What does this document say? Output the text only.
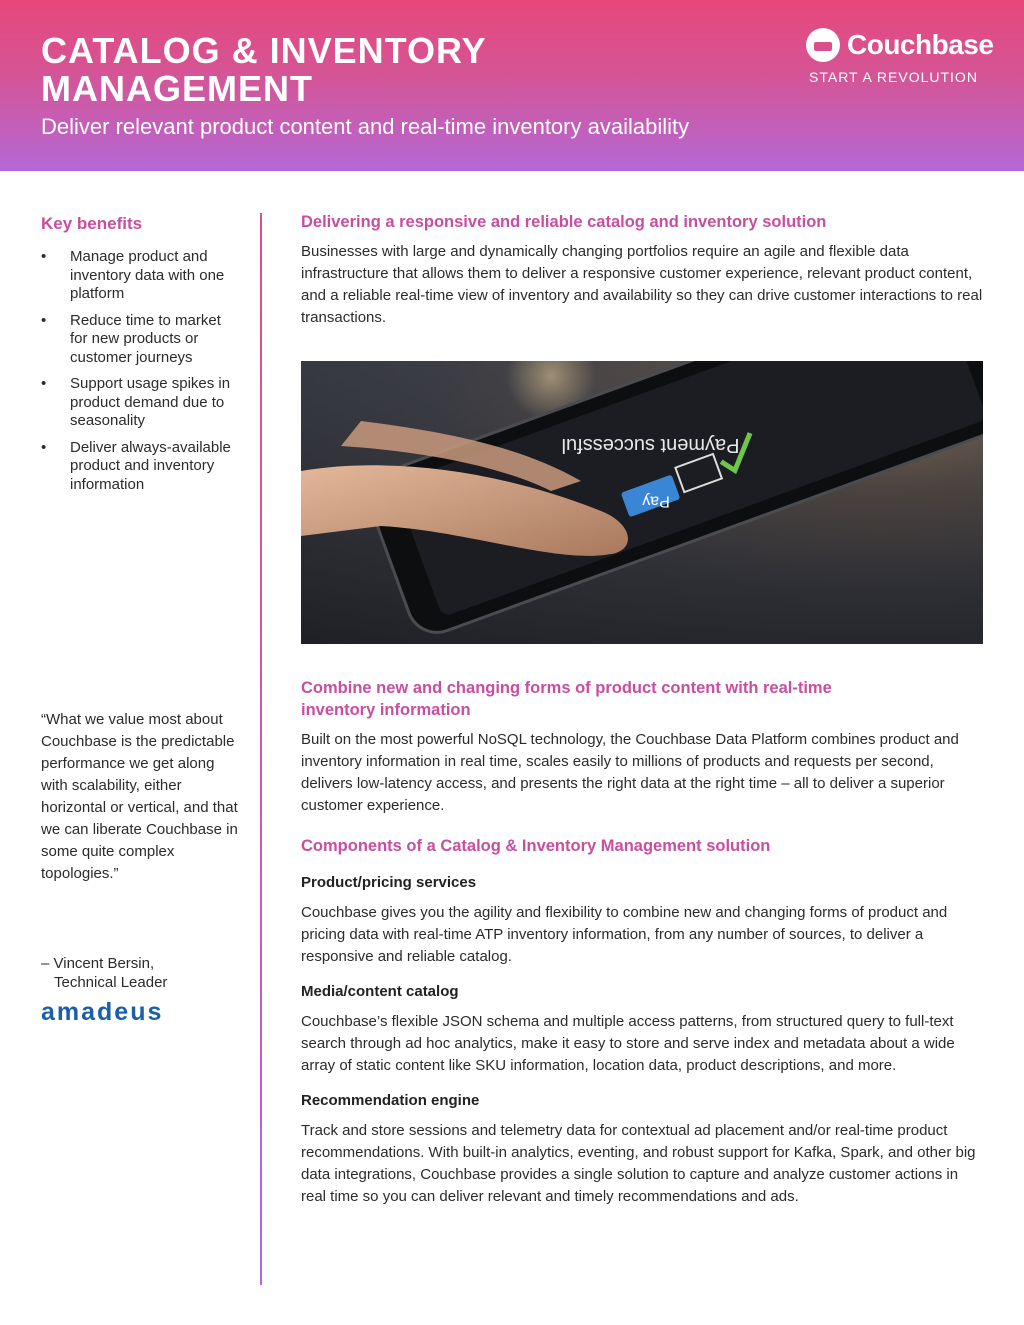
CATALOG & INVENTORY MANAGEMENT
Deliver relevant product content and real-time inventory availability
Couchbase
START A REVOLUTION
Key benefits
• Manage product and inventory data with one platform
• Reduce time to market for new products or customer journeys
• Support usage spikes in product demand due to seasonality
• Deliver always-available product and inventory information
“What we value most about Couchbase is the predictable performance we get along with scalability, either horizontal or vertical, and that we can liberate Couchbase in some quite complex topologies.”
– Vincent Bersin,
Technical Leader
amadeus
Delivering a responsive and reliable catalog and inventory solution
Businesses with large and dynamically changing portfolios require an agile and flexible data infrastructure that allows them to deliver a responsive customer experience, relevant product content, and a reliable real-time view of inventory and availability so they can drive customer interactions to real transactions.
Payment successful
Pay
Combine new and changing forms of product content with real-time inventory information
Built on the most powerful NoSQL technology, the Couchbase Data Platform combines product and inventory information in real time, scales easily to millions of products and requests per second, delivers low-latency access, and presents the right data at the right time – all to deliver a superior customer experience.
Components of a Catalog & Inventory Management solution
Product/pricing services
Couchbase gives you the agility and flexibility to combine new and changing forms of product and pricing data with real-time ATP inventory information, from any number of sources, to deliver a responsive and reliable catalog.
Media/content catalog
Couchbase’s flexible JSON schema and multiple access patterns, from structured query to full-text search through ad hoc analytics, make it easy to store and serve index and metadata about a wide array of static content like SKU information, location data, product descriptions, and more.
Recommendation engine
Track and store sessions and telemetry data for contextual ad placement and/or real-time product recommendations. With built-in analytics, eventing, and robust support for Kafka, Spark, and other big data integrations, Couchbase provides a single solution to capture and analyze customer actions in real time so you can deliver relevant and timely recommendations and ads.
